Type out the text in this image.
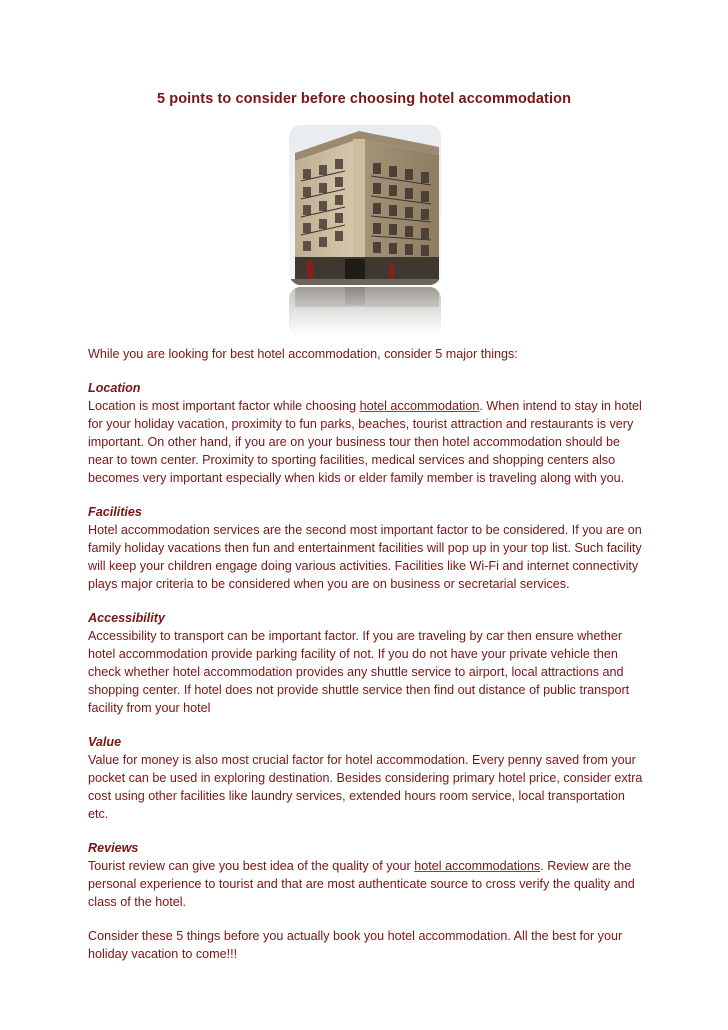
5 points to consider before choosing hotel accommodation

While you are looking for best hotel accommodation, consider 5 major things:

Location
Location is most important factor while choosing hotel accommodation. When intend to stay in hotel for your holiday vacation, proximity to fun parks, beaches, tourist attraction and restaurants is very important. On other hand, if you are on your business tour then hotel accommodation should be near to town center. Proximity to sporting facilities, medical services and shopping centers also becomes very important especially when kids or elder family member is traveling along with you.
Facilities
Hotel accommodation services are the second most important factor to be considered. If you are on family holiday vacations then fun and entertainment facilities will pop up in your top list. Such facility will keep your children engage doing various activities. Facilities like Wi-Fi and internet connectivity plays major criteria to be considered when you are on business or secretarial services.
Accessibility
Accessibility to transport can be important factor. If you are traveling by car then ensure whether hotel accommodation provide parking facility of not. If you do not have your private vehicle then check whether hotel accommodation provides any shuttle service to airport, local attractions and shopping center. If hotel does not provide shuttle service then find out distance of public transport facility from your hotel
Value
Value for money is also most crucial factor for hotel accommodation. Every penny saved from your pocket can be used in exploring destination. Besides considering primary hotel price, consider extra cost using other facilities like laundry services, extended hours room service, local transportation etc.
Reviews
Tourist review can give you best idea of the quality of your hotel accommodations. Review are the personal experience to tourist and that are most authenticate source to cross verify the quality and class of the hotel.

Consider these 5 things before you actually book you hotel accommodation. All the best for your holiday vacation to come!!!
